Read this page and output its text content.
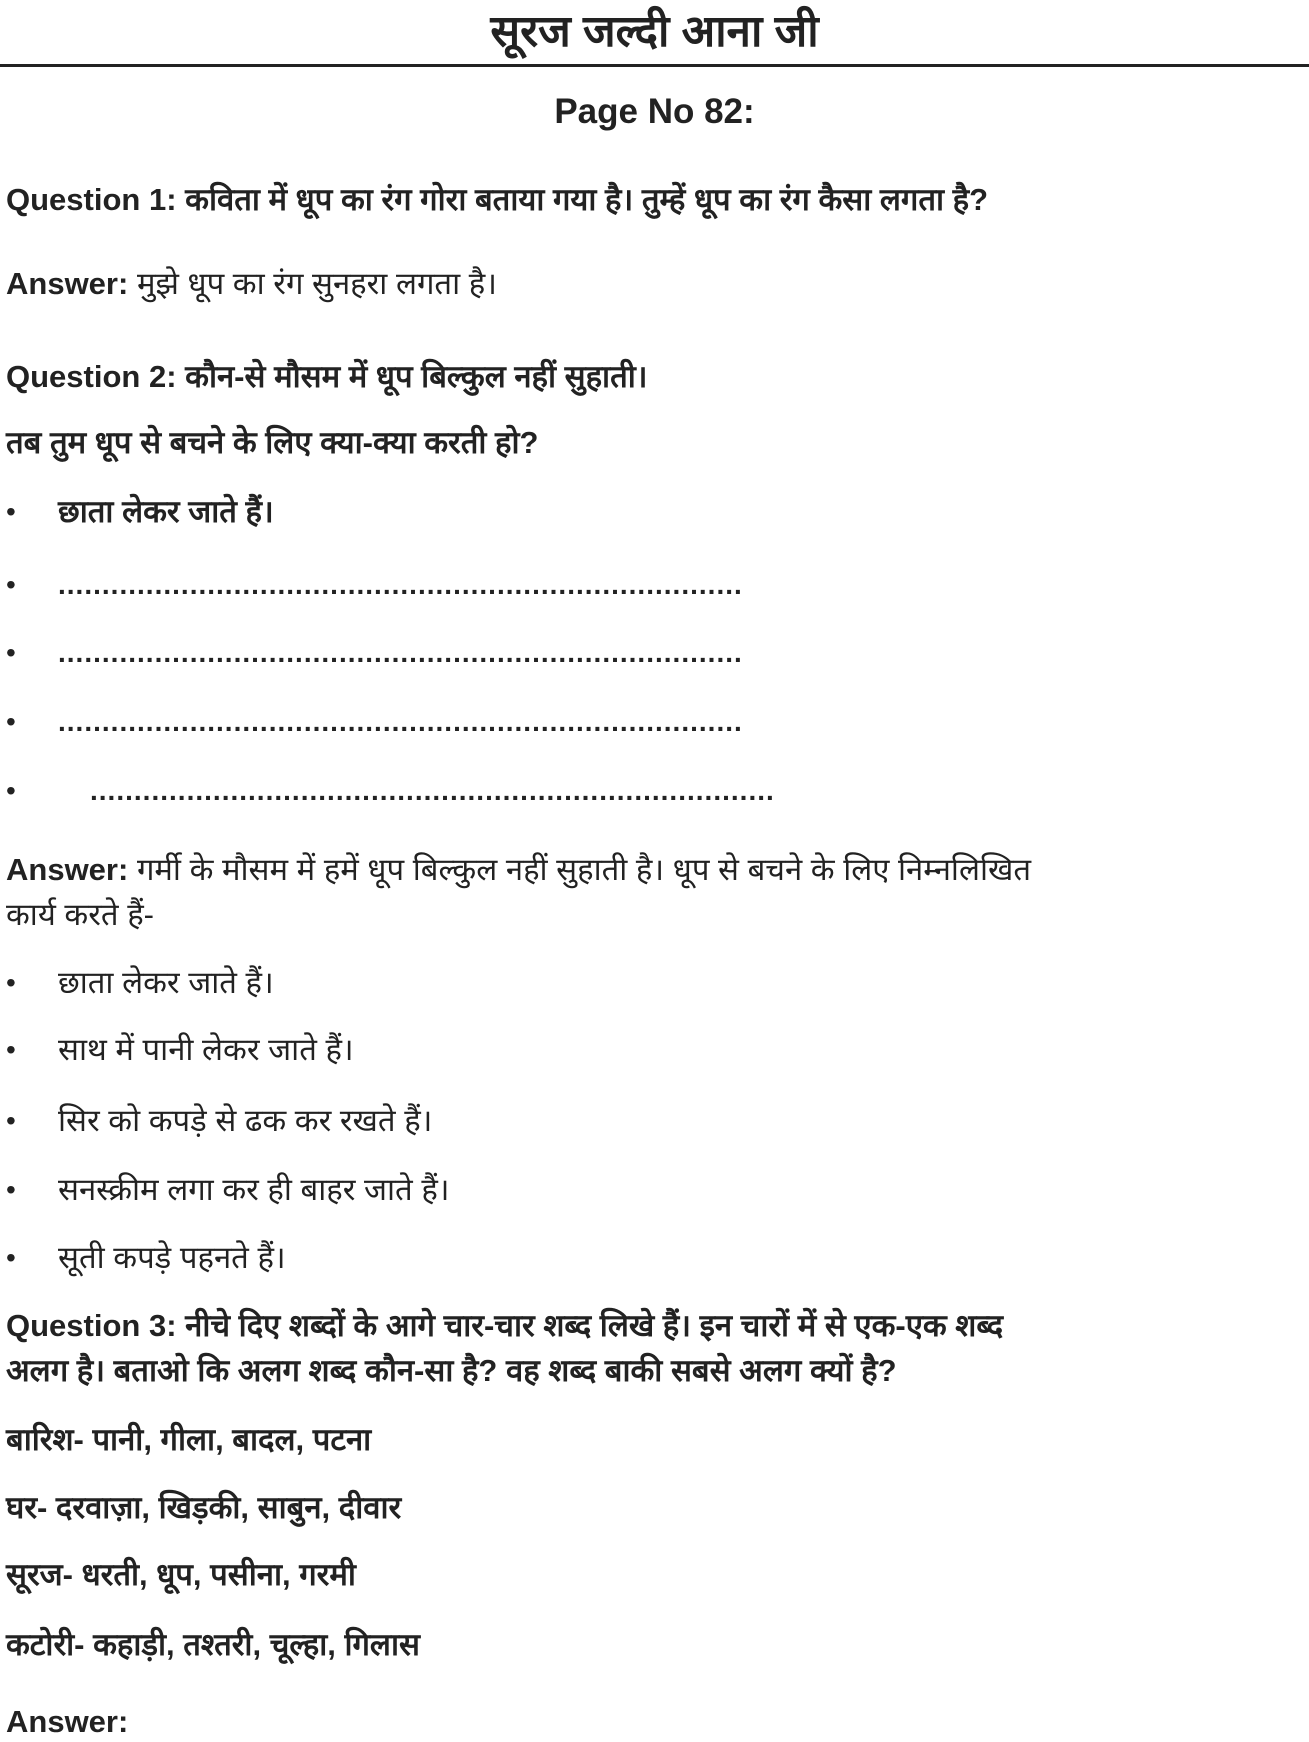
सूरज जल्दी आना जी
Page No 82:
Question 1: कविता में धूप का रंग गोरा बताया गया है। तुम्हें धूप का रंग कैसा लगता है?
Answer: मुझे धूप का रंग सुनहरा लगता है।
Question 2: कौन-से मौसम में धूप बिल्कुल नहीं सुहाती।
तब तुम धूप से बचने के लिए क्या-क्या करती हो?
• छाता लेकर जाते हैं।
• ..............................................................................
• ..............................................................................
• ..............................................................................
•	..............................................................................
Answer: गर्मी के मौसम में हमें धूप बिल्कुल नहीं सुहाती है। धूप से बचने के लिए निम्नलिखित
कार्य करते हैं-
• छाता लेकर जाते हैं।
• साथ में पानी लेकर जाते हैं।
• सिर को कपड़े से ढक कर रखते हैं।
• सनस्क्रीम लगा कर ही बाहर जाते हैं।
• सूती कपड़े पहनते हैं।
Question 3: नीचे दिए शब्दों के आगे चार-चार शब्द लिखे हैं। इन चारों में से एक-एक शब्द
अलग है। बताओ कि अलग शब्द कौन-सा है? वह शब्द बाकी सबसे अलग क्यों है?
बारिश- पानी, गीला, बादल, पटना
घर- दरवाज़ा, खिड़की, साबुन, दीवार
सूरज- धरती, धूप, पसीना, गरमी
कटोरी- कहाड़ी, तश्तरी, चूल्हा, गिलास
Answer:
